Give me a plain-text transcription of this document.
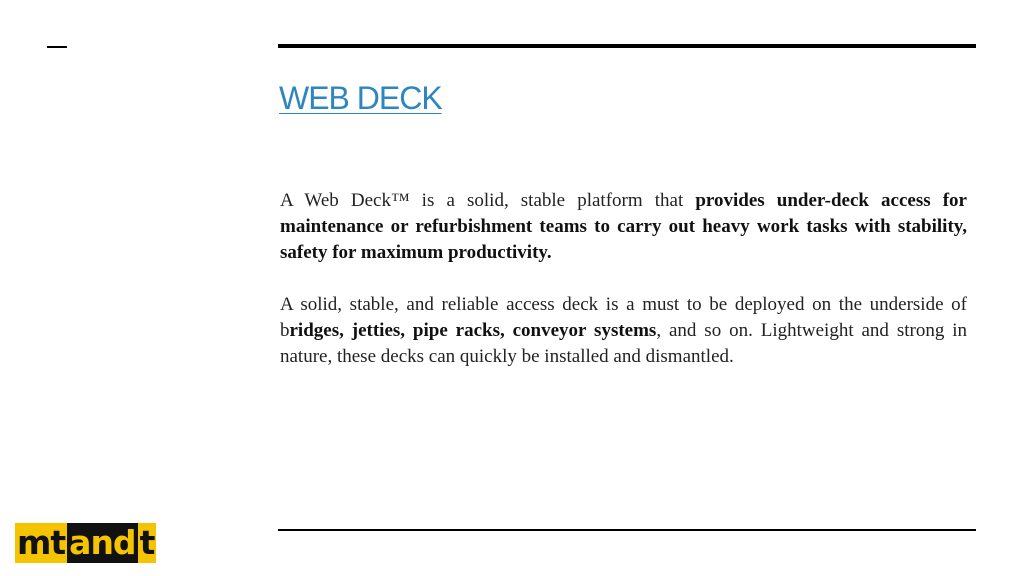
WEB DECK

A Web Deck™ is a solid, stable platform that provides under-deck access for maintenance or refurbishment teams to carry out heavy work tasks with stability, safety for maximum productivity.

A solid, stable, and reliable access deck is a must to be deployed on the underside of bridges, jetties, pipe racks, conveyor systems, and so on. Lightweight and strong in nature, these decks can quickly be installed and dismantled.

mt and t
